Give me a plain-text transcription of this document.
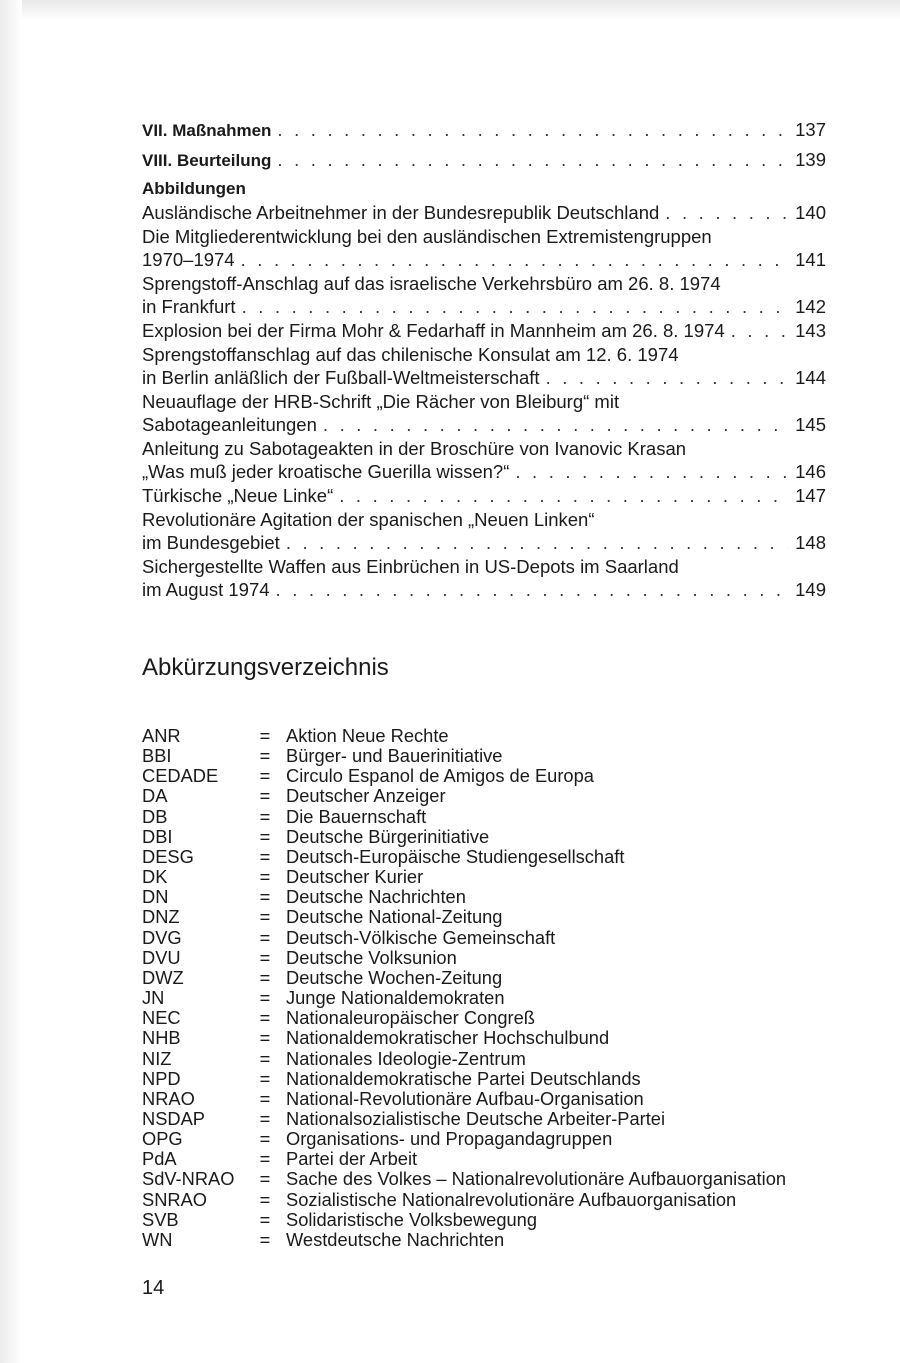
VII. Maßnahmen . . .	137
VIII. Beurteilung . . .	139
Abbildungen
Ausländische Arbeitnehmer in der Bundesrepublik Deutschland . . .	140
Die Mitgliederentwicklung bei den ausländischen Extremistengruppen
1970–1974 . . .	141
Sprengstoff-Anschlag auf das israelische Verkehrsbüro am 26. 8. 1974
in Frankfurt . . .	142
Explosion bei der Firma Mohr & Fedarhaff in Mannheim am 26. 8. 1974 . . .	143
Sprengstoffanschlag auf das chilenische Konsulat am 12. 6. 1974
in Berlin anläßlich der Fußball-Weltmeisterschaft . . .	144
Neuauflage der HRB-Schrift „Die Rächer von Bleiburg“ mit
Sabotageanleitungen . . .	145
Anleitung zu Sabotageakten in der Broschüre von Ivanovic Krasan
„Was muß jeder kroatische Guerilla wissen?“ . . .	146
Türkische „Neue Linke“ . . .	147
Revolutionäre Agitation der spanischen „Neuen Linken“
im Bundesgebiet . . .	148
Sichergestellte Waffen aus Einbrüchen in US-Depots im Saarland
im August 1974 . . .	149
Abkürzungsverzeichnis
ANR	= Aktion Neue Rechte
BBI	= Bürger- und Bauerinitiative
CEDADE	= Circulo Espanol de Amigos de Europa
DA	= Deutscher Anzeiger
DB	= Die Bauernschaft
DBI	= Deutsche Bürgerinitiative
DESG	= Deutsch-Europäische Studiengesellschaft
DK	= Deutscher Kurier
DN	= Deutsche Nachrichten
DNZ	= Deutsche National-Zeitung
DVG	= Deutsch-Völkische Gemeinschaft
DVU	= Deutsche Volksunion
DWZ	= Deutsche Wochen-Zeitung
JN	= Junge Nationaldemokraten
NEC	= Nationaleuropäischer Congreß
NHB	= Nationaldemokratischer Hochschulbund
NIZ	= Nationales Ideologie-Zentrum
NPD	= Nationaldemokratische Partei Deutschlands
NRAO	= National-Revolutionäre Aufbau-Organisation
NSDAP	= Nationalsozialistische Deutsche Arbeiter-Partei
OPG	= Organisations- und Propagandagruppen
PdA	= Partei der Arbeit
SdV-NRAO	= Sache des Volkes – Nationalrevolutionäre Aufbauorganisation
SNRAO	= Sozialistische Nationalrevolutionäre Aufbauorganisation
SVB	= Solidaristische Volksbewegung
WN	= Westdeutsche Nachrichten
14
